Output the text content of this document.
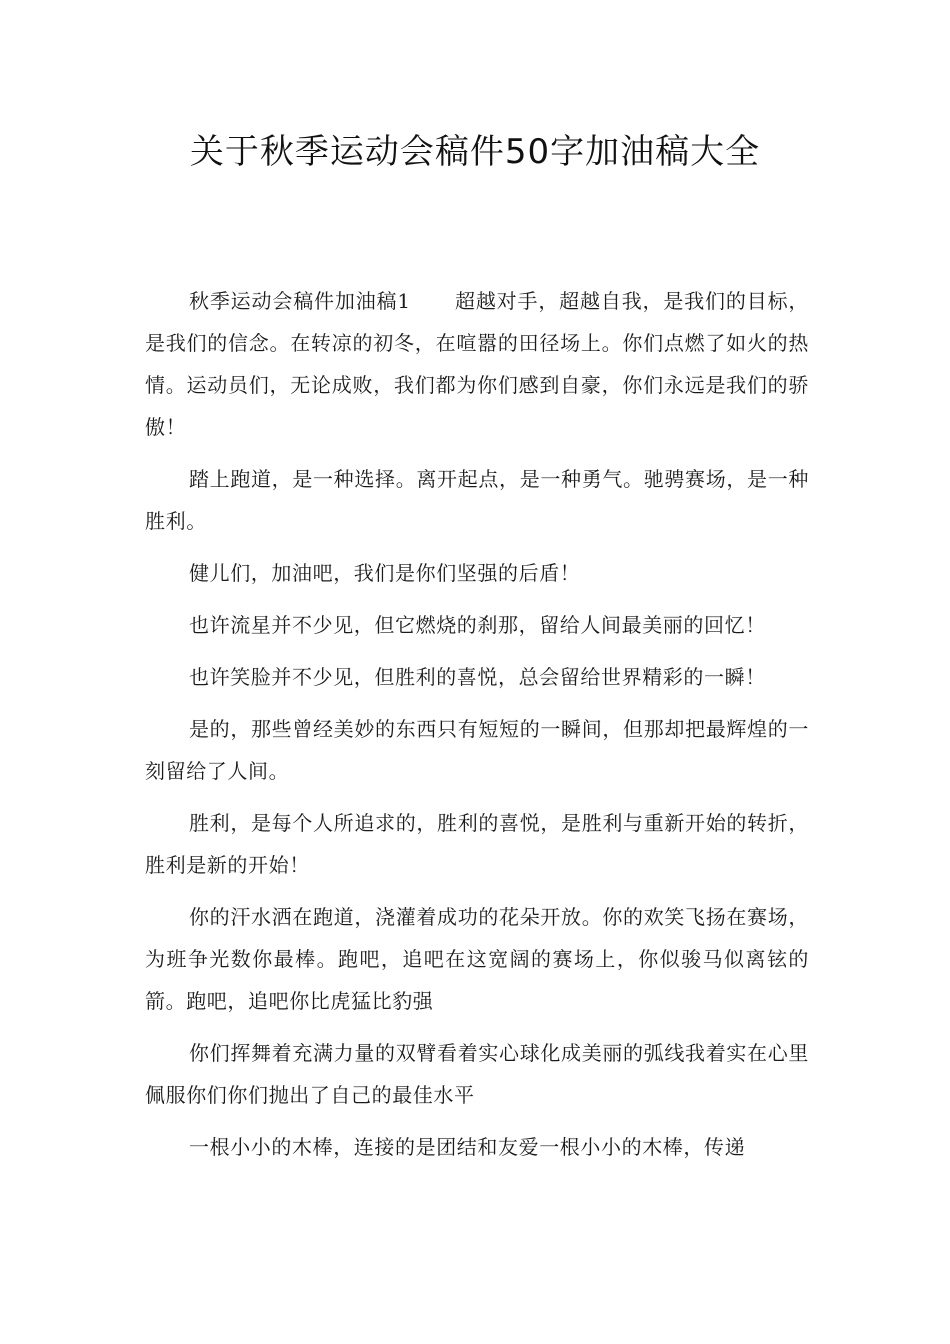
关于秋季运动会稿件50字加油稿大全

秋季运动会稿件加油稿1 超越对手，超越自我，是我们的目标，是我们的信念。在转凉的初冬，在喧嚣的田径场上。你们点燃了如火的热情。运动员们，无论成败，我们都为你们感到自豪，你们永远是我们的骄傲！

踏上跑道，是一种选择。离开起点，是一种勇气。驰骋赛场，是一种胜利。

健儿们，加油吧，我们是你们坚强的后盾！

也许流星并不少见，但它燃烧的刹那，留给人间最美丽的回忆！

也许笑脸并不少见，但胜利的喜悦，总会留给世界精彩的一瞬！

是的，那些曾经美妙的东西只有短短的一瞬间，但那却把最辉煌的一刻留给了人间。

胜利，是每个人所追求的，胜利的喜悦，是胜利与重新开始的转折，胜利是新的开始！

你的汗水洒在跑道，浇灌着成功的花朵开放。你的欢笑飞扬在赛场，为班争光数你最棒。跑吧，追吧在这宽阔的赛场上，你似骏马似离铉的箭。跑吧，追吧你比虎猛比豹强

你们挥舞着充满力量的双臂看着实心球化成美丽的弧线我着实在心里佩服你们你们抛出了自己的最佳水平

一根小小的木棒，连接的是团结和友爱一根小小的木棒，传递
